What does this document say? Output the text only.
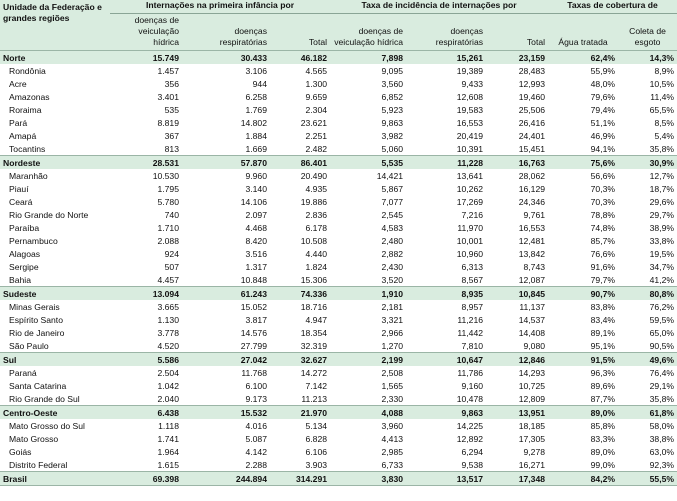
Unidade da Federação e grandes regiões	Internações na primeira infância por			Taxa de incidência de internações por			Taxas de cobertura de	
	doenças de veiculação hídrica	doenças respiratórias	Total	doenças de veiculação hídrica	doenças respiratórias	Total	Água tratada	Coleta de esgoto
Norte	15.749	30.433	46.182	7,898	15,261	23,159	62,4%	14,3%
Rondônia	1.457	3.106	4.565	9,095	19,389	28,483	55,9%	8,9%
Acre	356	944	1.300	3,560	9,433	12,993	48,0%	10,5%
Amazonas	3.401	6.258	9.659	6,852	12,608	19,460	79,6%	11,4%
Roraima	535	1.769	2.304	5,923	19,583	25,506	79,4%	65,5%
Pará	8.819	14.802	23.621	9,863	16,553	26,416	51,1%	8,5%
Amapá	367	1.884	2.251	3,982	20,419	24,401	46,9%	5,4%
Tocantins	813	1.669	2.482	5,060	10,391	15,451	94,1%	35,8%
Nordeste	28.531	57.870	86.401	5,535	11,228	16,763	75,6%	30,9%
Maranhão	10.530	9.960	20.490	14,421	13,641	28,062	56,6%	12,7%
Piauí	1.795	3.140	4.935	5,867	10,262	16,129	70,3%	18,7%
Ceará	5.780	14.106	19.886	7,077	17,269	24,346	70,3%	29,6%
Rio Grande do Norte	740	2.097	2.836	2,545	7,216	9,761	78,8%	29,7%
Paraíba	1.710	4.468	6.178	4,583	11,970	16,553	74,8%	38,9%
Pernambuco	2.088	8.420	10.508	2,480	10,001	12,481	85,7%	33,8%
Alagoas	924	3.516	4.440	2,882	10,960	13,842	76,6%	19,5%
Sergipe	507	1.317	1.824	2,430	6,313	8,743	91,6%	34,7%
Bahia	4.457	10.848	15.306	3,520	8,567	12,087	79,7%	41,2%
Sudeste	13.094	61.243	74.336	1,910	8,935	10,845	90,7%	80,8%
Minas Gerais	3.665	15.052	18.716	2,181	8,957	11,137	83,8%	76,2%
Espírito Santo	1.130	3.817	4.947	3,321	11,216	14,537	83,4%	59,5%
Rio de Janeiro	3.778	14.576	18.354	2,966	11,442	14,408	89,1%	65,0%
São Paulo	4.520	27.799	32.319	1,270	7,810	9,080	95,1%	90,5%
Sul	5.586	27.042	32.627	2,199	10,647	12,846	91,5%	49,6%
Paraná	2.504	11.768	14.272	2,508	11,786	14,293	96,3%	76,4%
Santa Catarina	1.042	6.100	7.142	1,565	9,160	10,725	89,6%	29,1%
Rio Grande do Sul	2.040	9.173	11.213	2,330	10,478	12,809	87,7%	35,8%
Centro-Oeste	6.438	15.532	21.970	4,088	9,863	13,951	89,0%	61,8%
Mato Grosso do Sul	1.118	4.016	5.134	3,960	14,225	18,185	85,8%	58,0%
Mato Grosso	1.741	5.087	6.828	4,413	12,892	17,305	83,3%	38,8%
Goiás	1.964	4.142	6.106	2,985	6,294	9,278	89,0%	63,0%
Distrito Federal	1.615	2.288	3.903	6,733	9,538	16,271	99,0%	92,3%
Brasil	69.398	244.894	314.291	3,830	13,517	17,348	84,2%	55,5%
